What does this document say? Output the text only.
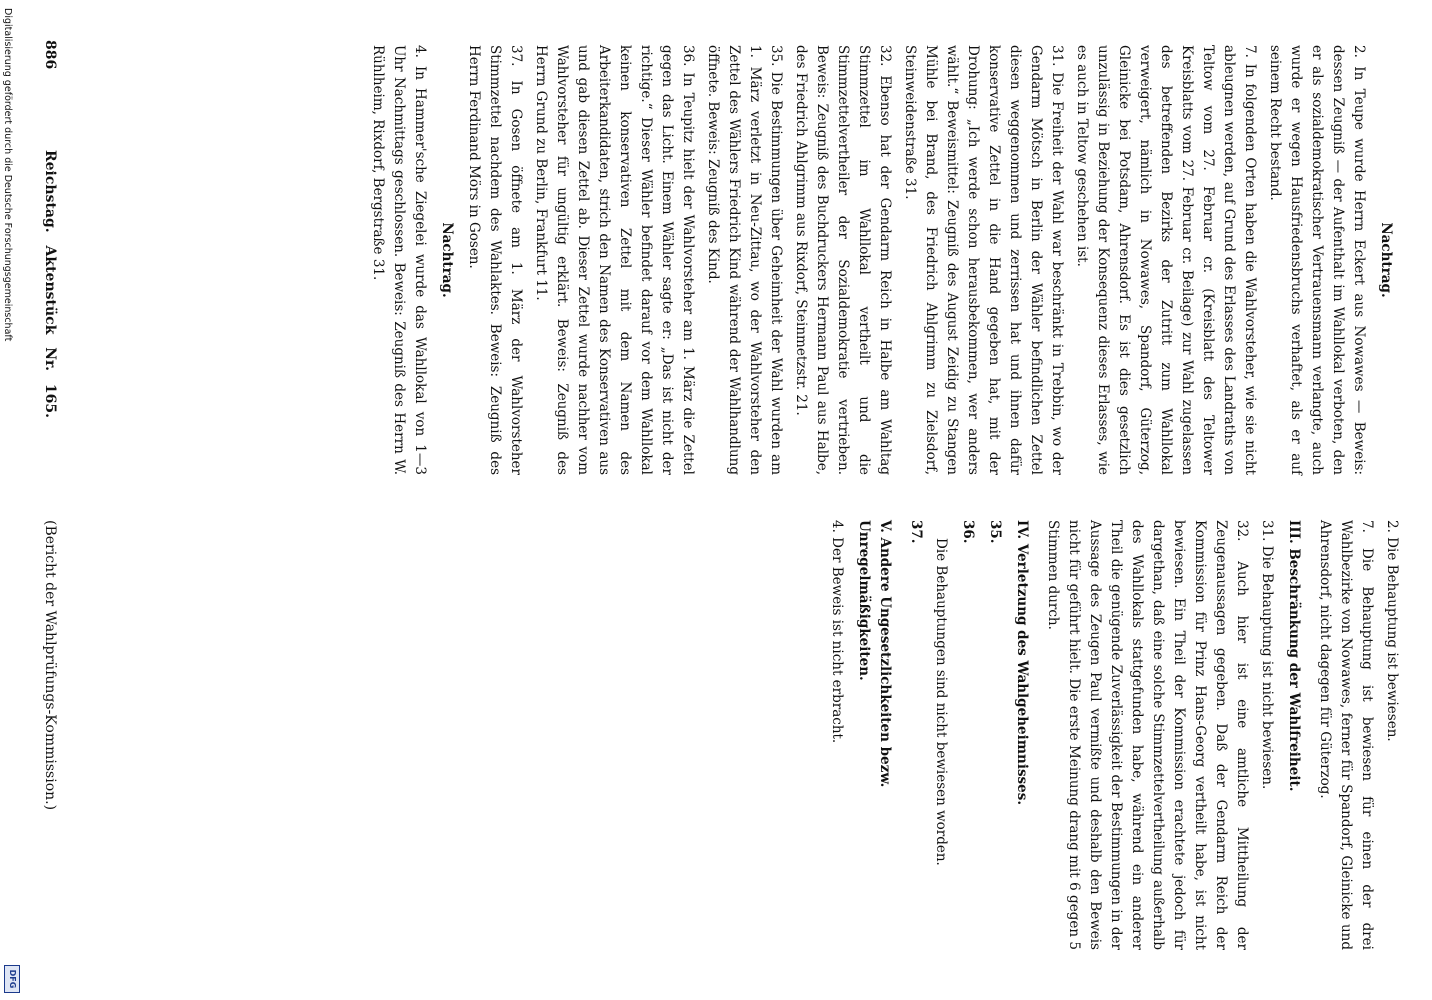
886
Reichstag. Aktenstück Nr. 165.
(Bericht der Wahlprüfungs-Kommission.)
Nachtrag.

2. In Teupe wurde Herrn Eckert aus Nowawes — Beweis: dessen Zeugniß — der Aufenthalt im Wahllokal verboten, den er als sozialdemokratischer Vertrauensmann verlangte, auch wurde er wegen Hausfriedensbruchs verhaftet, als er auf seinem Recht bestand.

7. In folgenden Orten haben die Wahlvorsteher, wie sie nicht ableugnen werden, auf Grund des Erlasses des Landraths von Teltow vom 27. Februar cr. (Kreisblatt des Teltower Kreisblatts vom 27. Februar cr. Beilage) zur Wahl zugelassen des betreffenden Bezirks der Zutritt zum Wahllokal verweigert, nämlich in Nowawes, Spandorf, Güterzog, Gleinicke bei Potsdam, Ahrensdorf. Es ist dies gesetzlich unzulässig in Beziehung der Konsequenz dieses Erlasses, wie es auch in Teltow geschehen ist.

31. Die Freiheit der Wahl war beschränkt in Trebbin, wo der Gendarm Mötsch in Berlin der Wähler befindlichen Zettel diesen weggenommen und zerrissen hat und ihnen dafür konservative Zettel in die Hand gegeben hat, mit der Drohung: „Ich werde schon herausbekommen, wer anders wählt.“ Beweismittel: Zeugniß des August Zeidig zu Stangen Mühle bei Brand, des Friedrich Ahlgrimm zu Zielsdorf, Steinweidenstraße 31.

32. Ebenso hat der Gendarm Reich in Halbe am Wahltag Stimmzettel im Wahllokal vertheilt und die Stimmzettelvertheiler der Sozialdemokratie vertrieben. Beweis: Zeugniß des Buchdruckers Hermann Paul aus Halbe, des Friedrich Ahlgrimm aus Rixdorf, Steinmetzstr. 21.

35. Die Bestimmungen über Geheimheit der Wahl wurden am 1. März verletzt in Neu-Zittau, wo der Wahlvorsteher den Zettel des Wählers Friedrich Kind während der Wahlhandlung öffnete. Beweis: Zeugniß des Kind.

36. In Teupitz hielt der Wahlvorsteher am 1. März die Zettel gegen das Licht. Einem Wähler sagte er: „Das ist nicht der richtige.“ Dieser Wähler befindet darauf vor dem Wahllokal keinen konservativen Zettel mit dem Namen des Arbeiterkandidaten, strich den Namen des Konservativen aus und gab diesen Zettel ab. Dieser Zettel wurde nachher vom Wahlvorsteher für ungültig erklärt. Beweis: Zeugniß des Herrn Grund zu Berlin, Frankfurt 11.

37. In Gosen öffnete am 1. März der Wahlvorsteher Stimmzettel nachdem des Wahlaktes. Beweis: Zeugniß des Herrn Ferdinand Mörs in Gosen.

Nachtrag.

4. In Hammer'sche Ziegelei wurde das Wahllokal von 1—3 Uhr Nachmittags geschlossen. Beweis: Zeugniß des Herrn W. Rühlheim, Rixdorf, Bergstraße 31.

2. Die Behauptung ist bewiesen.

7. Die Behauptung ist bewiesen für einen der drei Wahlbezirke von Nowawes, ferner für Spandorf, Gleinicke und Ahrensdorf, nicht dagegen für Güterzog.

III. Beschränkung der Wahlfreiheit.

31. Die Behauptung ist nicht bewiesen.

32. Auch hier ist eine amtliche Mittheilung der Zeugenaussagen gegeben. Daß der Gendarm Reich der Kommission für Prinz Hans-Georg vertheilt habe, ist nicht bewiesen. Ein Theil der Kommission erachtete jedoch für dargethan, daß eine solche Stimmzettelvertheilung außerhalb des Wahllokals stattgefunden habe, während ein anderer Theil die genügende Zuverlässigkeit der Bestimmungen in der Aussage des Zeugen Paul vermißte und deshalb den Beweis nicht für geführt hielt. Die erste Meinung drang mit 6 gegen 5 Stimmen durch.

IV. Verletzung des Wahlgeheimnisses.
35.
36.

Die Behauptungen sind nicht bewiesen worden.

37.
V. Andere Ungesetzlichkeiten bezw. Unregelmäßigkeiten.

4. Der Beweis ist nicht erbracht.

Digitalisierung gefördert durch die Deutsche Forschungsgemeinschaft
DFG
